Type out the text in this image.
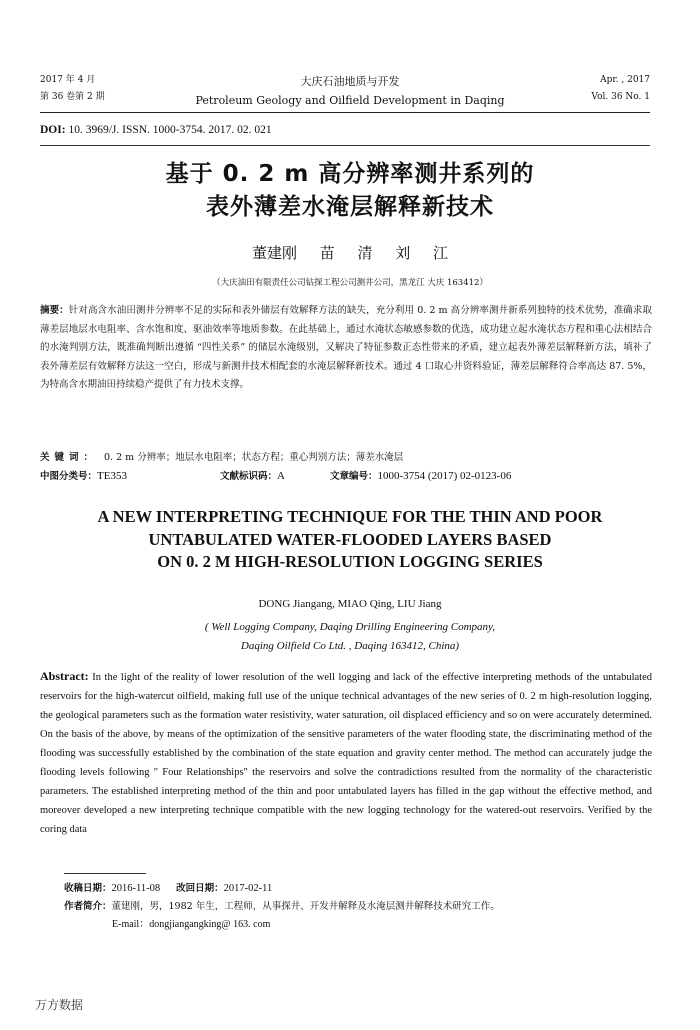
2017 年 4 月
第 36 卷第 2 期
大庆石油地质与开发
Petroleum Geology and Oilfield Development in Daqing
Apr. , 2017
Vol. 36 No. 1
DOI: 10. 3969/J. ISSN. 1000-3754. 2017. 02. 021
基于 0. 2 m 高分辨率测井系列的
表外薄差水淹层解释新技术
董建刚 苗 清 刘 江
（大庆油田有限责任公司钻探工程公司测井公司，黑龙江 大庆 163412）
摘要：针对高含水油田测井分辨率不足的实际和表外储层有效解释方法的缺失，充分利用 0. 2 m 高分辨率测井新系列独特的技术优势，准确求取薄差层地层水电阻率、含水饱和度、驱油效率等地质参数。在此基础上，通过水淹状态敏感参数的优选，成功建立起水淹状态方程和重心法相结合的水淹判别方法，既准确判断出遵循 “四性关系” 的储层水淹级别，又解决了特征参数正态性带来的矛盾，建立起表外薄差层解释新方法，填补了表外薄差层有效解释方法这一空白，形成与新测井技术相配套的水淹层解释新技术。通过 4 口取心井资料验证，薄差层解释符合率高达 87. 5%，为特高含水期油田持续稳产提供了有力技术支撑。
关键词： 0. 2 m 分辨率；地层水电阻率；状态方程；重心判别方法；薄差水淹层
中图分类号：TE353	文献标识码：A	文章编号：1000-3754 (2017) 02-0123-06
A NEW INTERPRETING TECHNIQUE FOR THE THIN AND POOR
UNTABULATED WATER-FLOODED LAYERS BASED
ON 0. 2 M HIGH-RESOLUTION LOGGING SERIES
DONG Jiangang, MIAO Qing, LIU Jiang
( Well Logging Company, Daqing Drilling Engineering Company,
Daqing Oilfield Co Ltd. , Daqing 163412, China)
Abstract: In the light of the reality of lower resolution of the well logging and lack of the effective interpreting methods of the untabulated reservoirs for the high-watercut oilfield, making full use of the unique technical advantages of the new series of 0. 2 m high-resolution logging, the geological parameters such as the formation water resistivity, water saturation, oil displaced efficiency and so on were accurately determined. On the basis of the above, by means of the optimization of the sensitive parameters of the water flooding state, the discriminating method of the flooding was successfully established by the combination of the state equation and gravity center method. The method can accurately judge the flooding levels following " Four Relationships" the reservoirs and solve the contradictions resulted from the normality of the characteristic parameters. The established interpreting method of the thin and poor untabulated layers has filled in the gap without the effective method, and moreover developed a new interpreting technique compatible with the new logging technology for the watered-out reservoirs. Verified by the coring data
收稿日期：2016-11-08 改回日期：2017-02-11
作者简介：董建刚，男，1982 年生，工程师，从事探井、开发井解释及水淹层测井解释技术研究工作。
E-mail：dongjiangangking@ 163. com
万方数据
